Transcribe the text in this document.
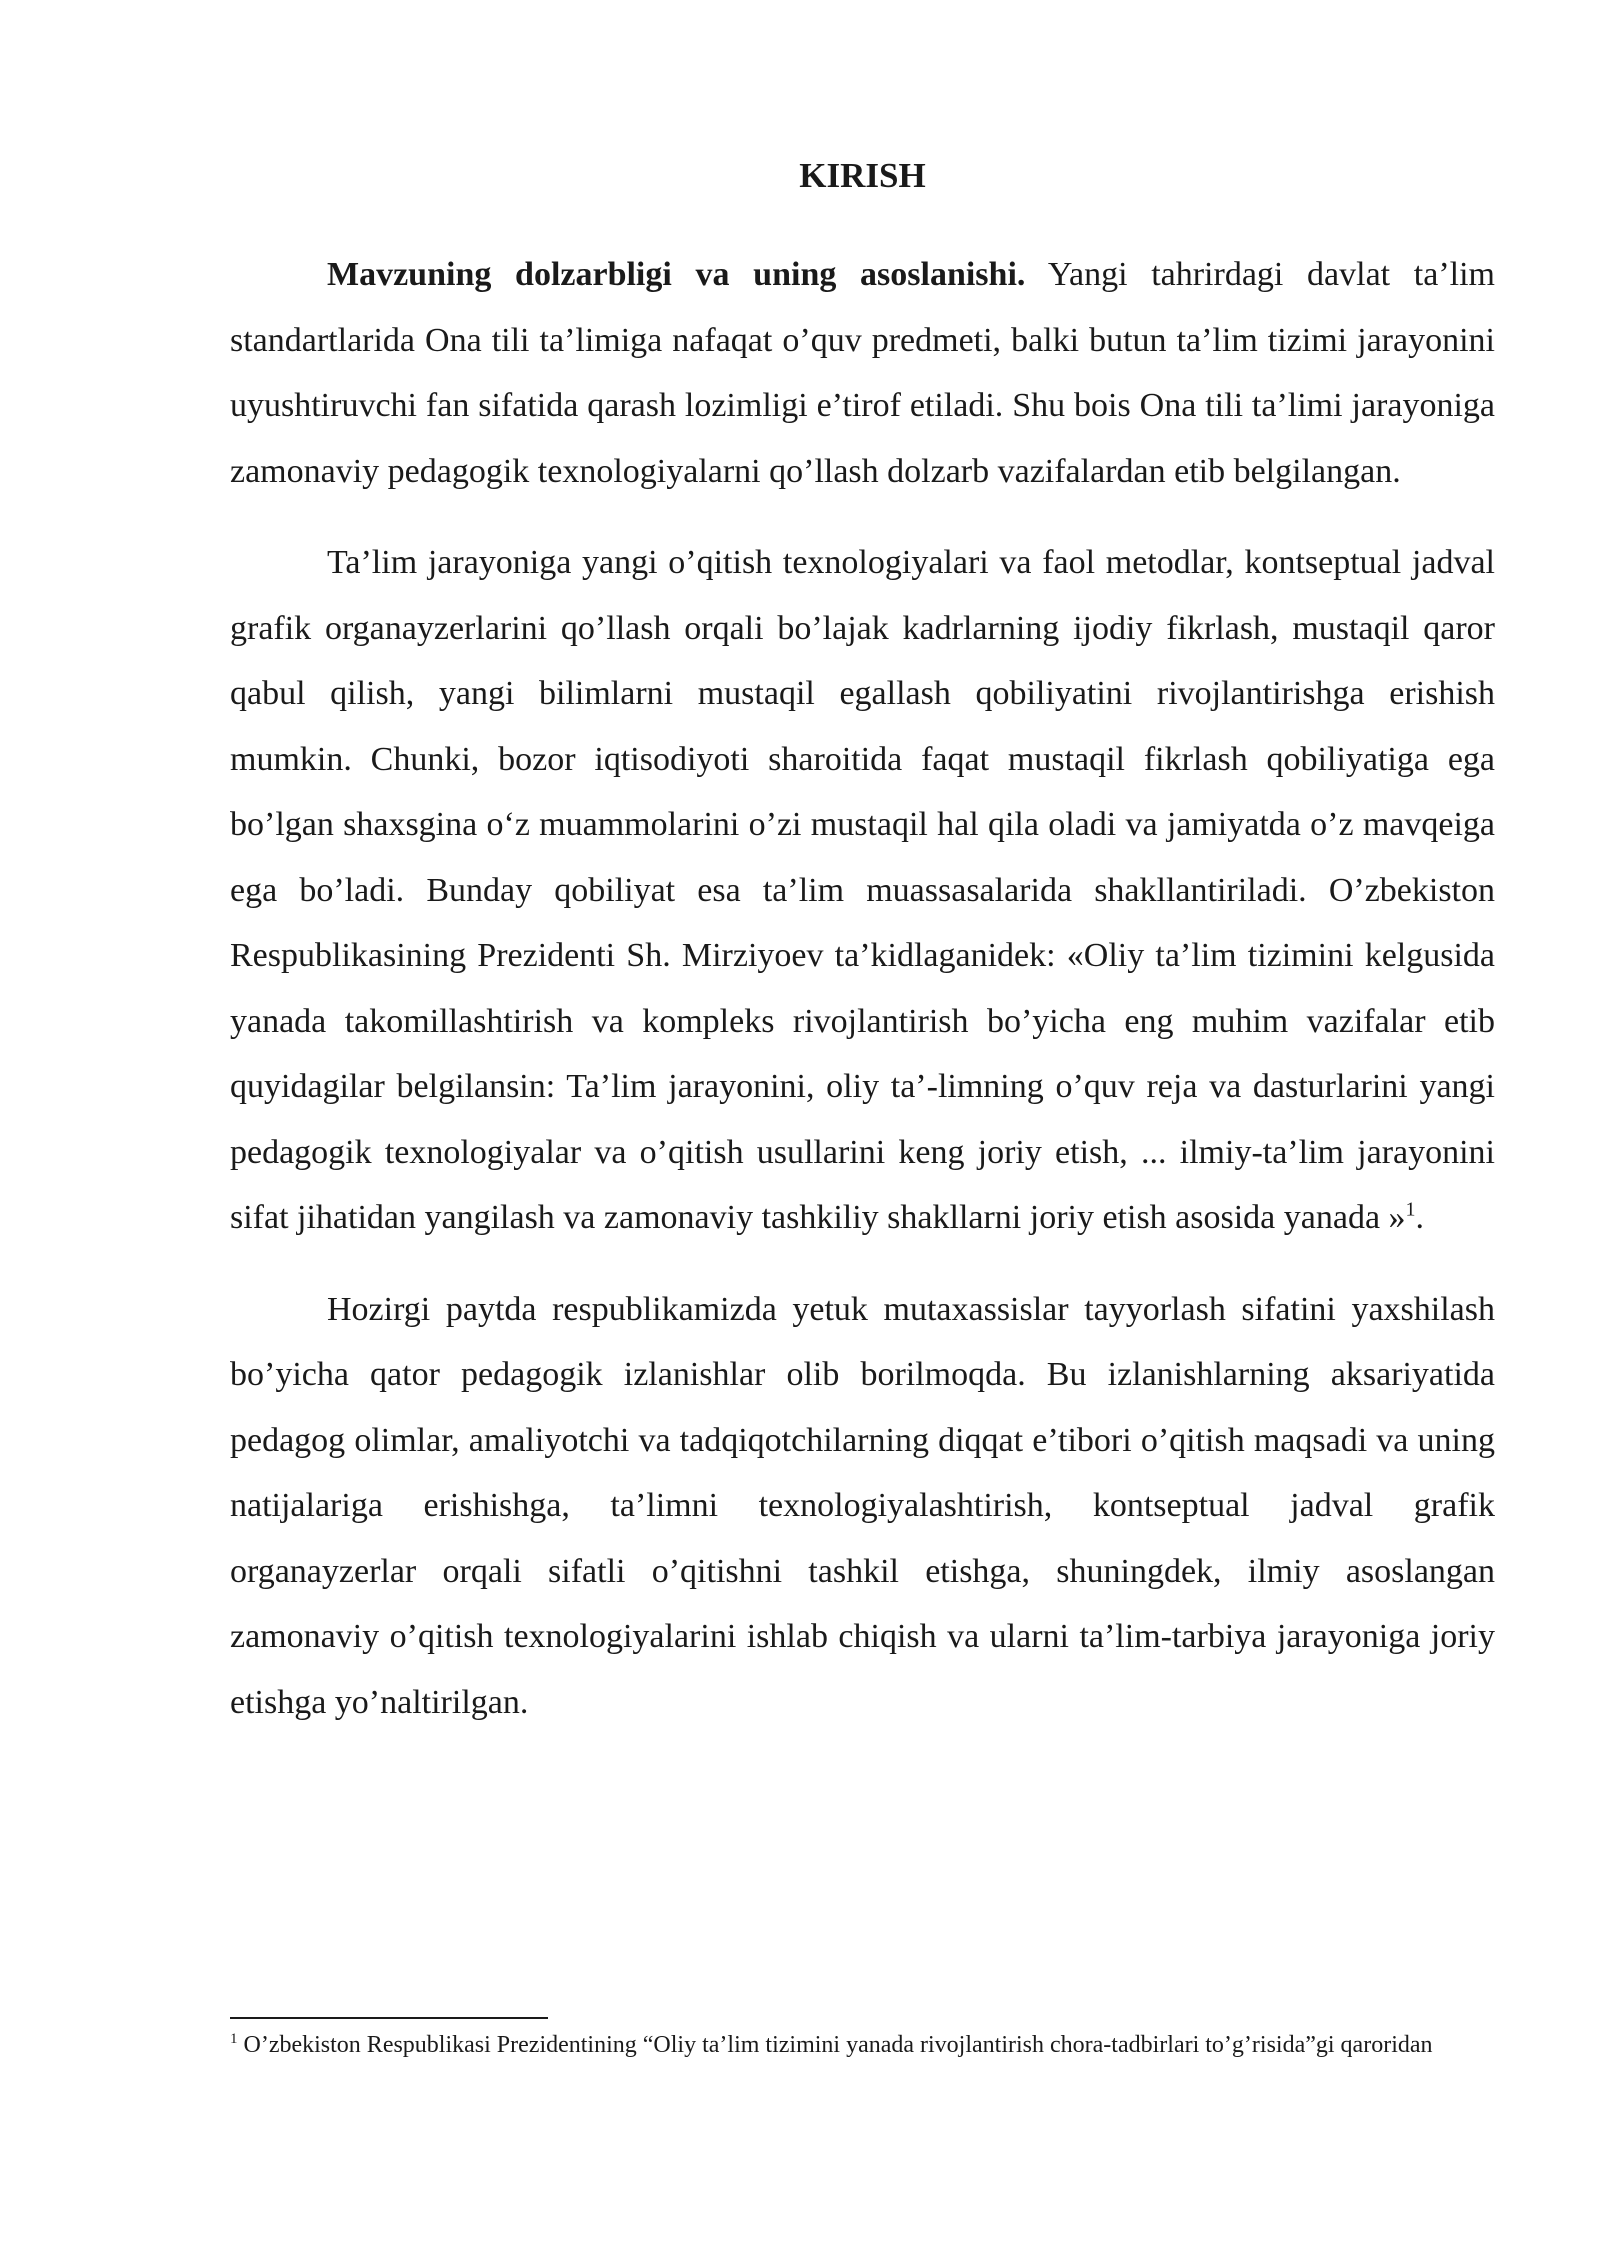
KIRISH

Mavzuning dolzarbligi va uning asoslanishi. Yangi tahrirdagi davlat ta’lim standartlarida Ona tili ta’limiga nafaqat o’quv predmeti, balki butun ta’lim tizimi jarayonini uyushtiruvchi fan sifatida qarash lozimligi e’tirof etiladi. Shu bois Ona tili ta’limi jarayoniga zamonaviy pedagogik texnologiyalarni qo’llash dolzarb vazifalardan etib belgilangan.

Ta’lim jarayoniga yangi o’qitish texnologiyalari va faol metodlar, kontseptual jadval grafik organayzerlarini qo’llash orqali bo’lajak kadrlarning ijodiy fikrlash, mustaqil qaror qabul qilish, yangi bilimlarni mustaqil egallash qobiliyatini rivojlantirishga erishish mumkin. Chunki, bozor iqtisodiyoti sharoitida faqat mustaqil fikrlash qobiliyatiga ega bo’lgan shaxsgina o‘z muammolarini o’zi mustaqil hal qila oladi va jamiyatda o’z mavqeiga ega bo’ladi. Bunday qobiliyat esa ta’lim muassasalarida shakllantiriladi. O’zbekiston Respublikasining Prezidenti Sh. Mirziyoev ta’kidlaganidek: «Oliy ta’lim tizimini kelgusida yanada takomillashtirish va kompleks rivojlantirish bo’yicha eng muhim vazifalar etib quyidagilar belgilansin: Ta’lim jarayonini, oliy ta’-limning o’quv reja va dasturlarini yangi pedagogik texnologiyalar va o’qitish usullarini keng joriy etish, ... ilmiy-ta’lim jarayonini sifat jihatidan yangilash va zamonaviy tashkiliy shakllarni joriy etish asosida yanada »$^1$.

Hozirgi paytda respublikamizda yetuk mutaxassislar tayyorlash sifatini yaxshilash bo’yicha qator pedagogik izlanishlar olib borilmoqda. Bu izlanishlarning aksariyatida pedagog olimlar, amaliyotchi va tadqiqotchilarning diqqat e’tibori o’qitish maqsadi va uning natijalariga erishishga, ta’limni texnologiyalashtirish, kontseptual jadval grafik organayzerlar orqali sifatli o’qitishni tashkil etishga, shuningdek, ilmiy asoslangan zamonaviy o’qitish texnologiyalarini ishlab chiqish va ularni ta’lim-tarbiya jarayoniga joriy etishga yo’naltirilgan.

$^1$ O’zbekiston Respublikasi Prezidentining “Oliy ta’lim tizimini yanada rivojlantirish chora-tadbirlari to’g’risida”gi qaroridan
